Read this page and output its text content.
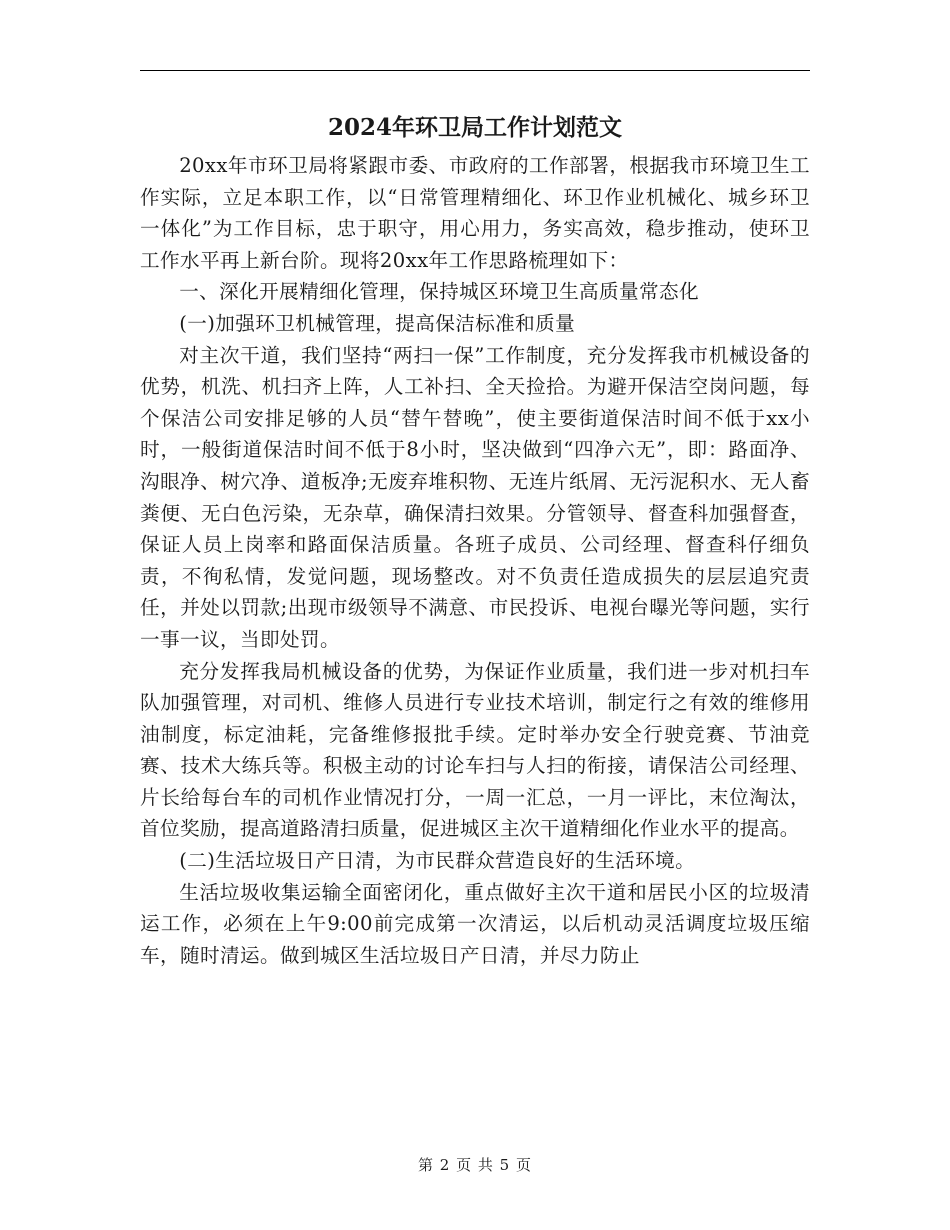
2024年环卫局工作计划范文

20xx年市环卫局将紧跟市委、市政府的工作部署，根据我市环境卫生工作实际，立足本职工作，以“日常管理精细化、环卫作业机械化、城乡环卫一体化”为工作目标，忠于职守，用心用力，务实高效，稳步推动，使环卫工作水平再上新台阶。现将20xx年工作思路梳理如下：

一、深化开展精细化管理，保持城区环境卫生高质量常态化

(一)加强环卫机械管理，提高保洁标准和质量

对主次干道，我们坚持“两扫一保”工作制度，充分发挥我市机械设备的优势，机洗、机扫齐上阵，人工补扫、全天捡拾。为避开保洁空岗问题，每个保洁公司安排足够的人员“替午替晚”，使主要街道保洁时间不低于xx小时，一般街道保洁时间不低于8小时，坚决做到“四净六无”，即：路面净、沟眼净、树穴净、道板净;无废弃堆积物、无连片纸屑、无污泥积水、无人畜粪便、无白色污染，无杂草，确保清扫效果。分管领导、督查科加强督查，保证人员上岗率和路面保洁质量。各班子成员、公司经理、督查科仔细负责，不徇私情，发觉问题，现场整改。对不负责任造成损失的层层追究责任，并处以罚款;出现市级领导不满意、市民投诉、电视台曝光等问题，实行一事一议，当即处罚。

充分发挥我局机械设备的优势，为保证作业质量，我们进一步对机扫车队加强管理，对司机、维修人员进行专业技术培训，制定行之有效的维修用油制度，标定油耗，完备维修报批手续。定时举办安全行驶竞赛、节油竞赛、技术大练兵等。积极主动的讨论车扫与人扫的衔接，请保洁公司经理、片长给每台车的司机作业情况打分，一周一汇总，一月一评比，末位淘汰，首位奖励，提高道路清扫质量，促进城区主次干道精细化作业水平的提高。

(二)生活垃圾日产日清，为市民群众营造良好的生活环境。

生活垃圾收集运输全面密闭化，重点做好主次干道和居民小区的垃圾清运工作，必须在上午9:00前完成第一次清运，以后机动灵活调度垃圾压缩车，随时清运。做到城区生活垃圾日产日清，并尽力防止

第 2 页 共 5 页
